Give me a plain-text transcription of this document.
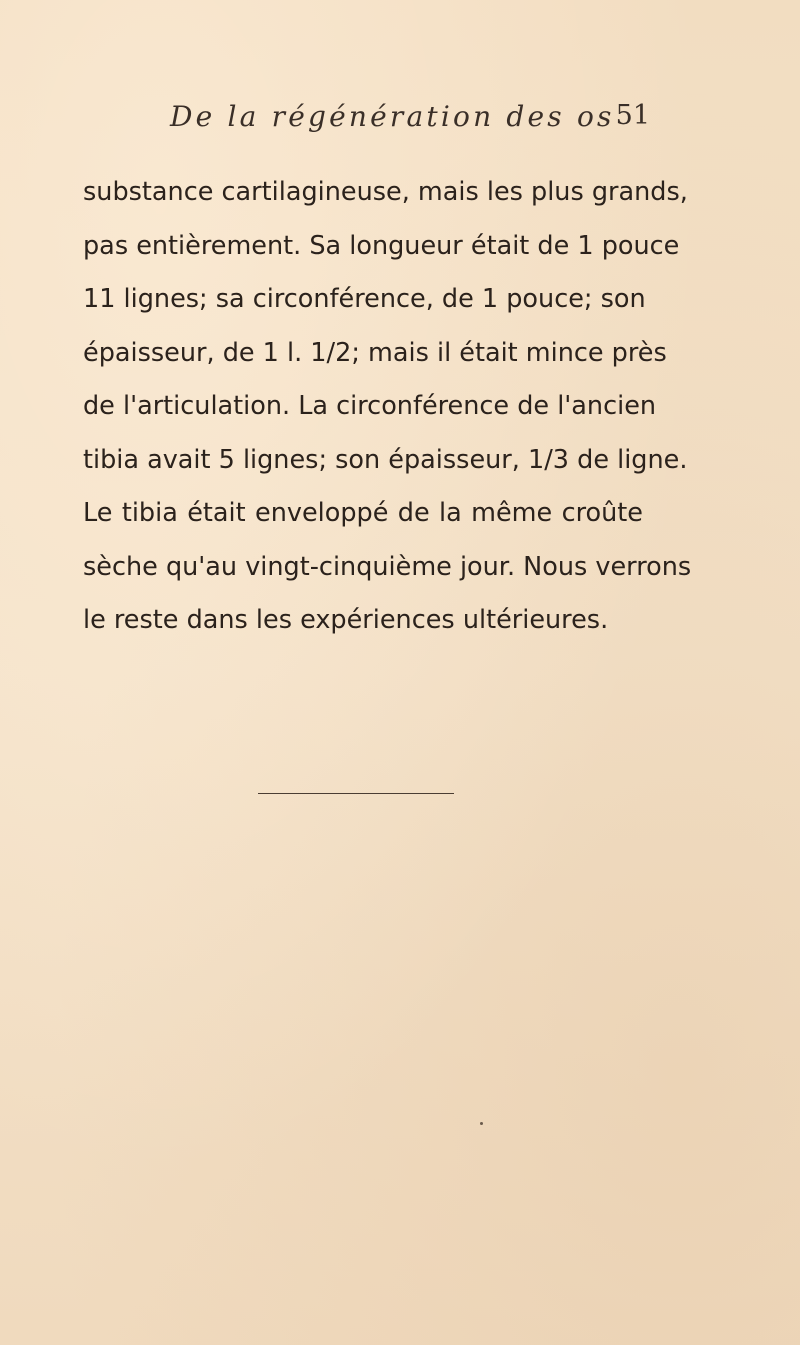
De la régénération des os 51
substance cartilagineuse, mais les plus grands,
pas entièrement. Sa longueur était de 1 pouce
11 lignes; sa circonférence, de 1 pouce; son
épaisseur, de 1 l. 1/2; mais il était mince près
de l'articulation. La circonférence de l'ancien
tibia avait 5 lignes; son épaisseur, 1/3 de ligne.
Le tibia était enveloppé de la même croûte
sèche qu'au vingt-cinquième jour. Nous verrons
le reste dans les expériences ultérieures.
